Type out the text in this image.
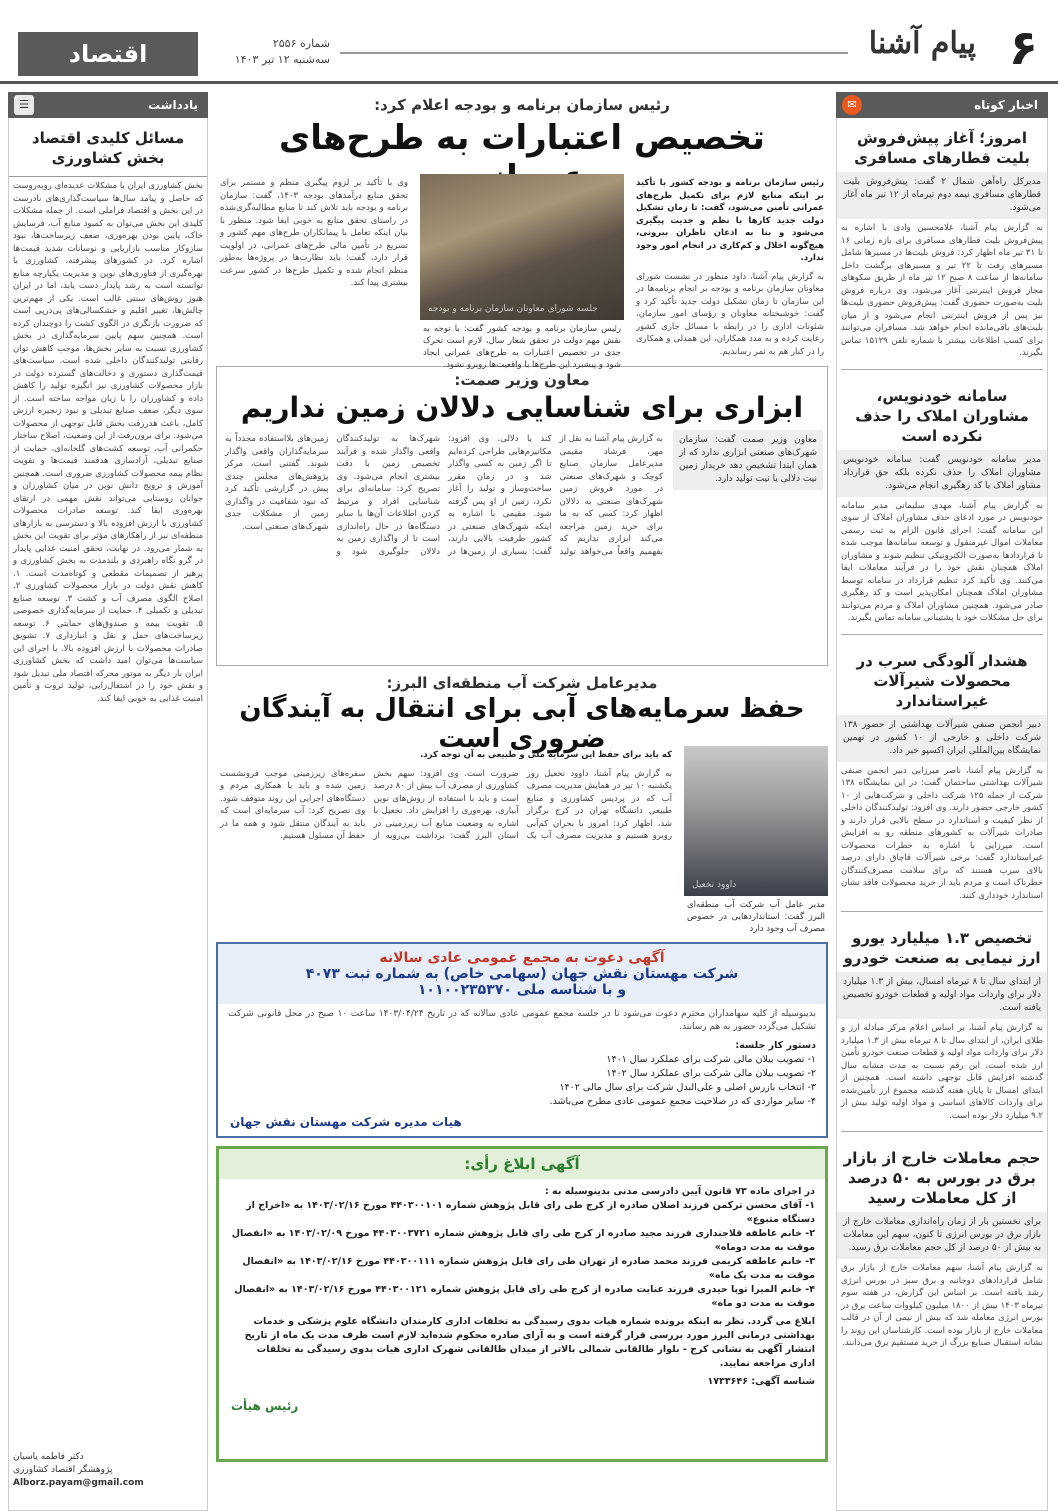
۶
پیام آشنا
شماره ۲۵۵۶
سه‌شنبه ۱۲ تیر ۱۴۰۳
اقتصاد
اخبار کوتاه
✉
امروز؛ آغاز پیش‌فروش بلیت قطارهای مسافری
مدیرکل راه‌آهن شمال ۲ گفت: پیش‌فروش بلیت قطارهای مسافری نیمه دوم تیرماه از ۱۲ تیر ماه آغاز می‌شود.
به گزارش پیام آشنا، غلامحسین وادی با اشاره به پیش‌فروش بلیت قطارهای مسافری برای بازه زمانی ۱۶ تا ۳۱ تیر ماه اظهار کرد: فروش بلیت‌ها در مسیرها شامل مسیرهای رفت تا ۲۲ تیر و مسیرهای برگشت داخل سامانه‌ها از ساعت ۸ صبح ۱۲ تیر ماه از طریق سکوهای مجاز فروش اینترنتی آغاز می‌شود. وی درباره فروش بلیت به‌صورت حضوری گفت: پیش‌فروش حضوری بلیت‌ها نیز پس از فروش اینترنتی انجام می‌شود و از میان بلیت‌های باقی‌مانده انجام خواهد شد. مسافران می‌توانند برای کسب اطلاعات بیشتر با شماره تلفن ۱۵۱۲۹ تماس بگیرند.
سامانه خودنویس، مشاوران املاک را حذف نکرده است
مدیر سامانه خودنویس گفت: سامانه خودنویس مشاوران املاک را حذف نکرده بلکه حق قرارداد مشاور املاک با کد رهگیری انجام می‌شود.
به گزارش پیام آشنا، مهدی سلیمانی مدیر سامانه خودنویس در مورد ادعای حذف مشاوران املاک از سوی این سامانه گفت: اجرای قانون الزام به ثبت رسمی معاملات اموال غیرمنقول و توسعه سامانه‌ها موجب شده تا قراردادها به‌صورت الکترونیکی تنظیم شوند و مشاوران املاک همچنان نقش خود را در فرآیند معاملات ایفا می‌کنند. وی تأکید کرد تنظیم قرارداد در سامانه توسط مشاوران املاک همچنان امکان‌پذیر است و کد رهگیری صادر می‌شود. همچنین مشاوران املاک و مردم می‌توانند برای حل مشکلات خود با پشتیبانی سامانه تماس بگیرند.
هشدار آلودگی سرب در محصولات شیرآلات غیراستاندارد
دبیر انجمن صنفی شیرآلات بهداشتی از حضور ۱۳۸ شرکت داخلی و خارجی از ۱۰ کشور در نهمین نمایشگاه بین‌المللی ایران اکسپو خبر داد.
به گزارش پیام آشنا، ناصر میرزایی دبیر انجمن صنفی شیرآلات بهداشتی ساختمان گفت: در این نمایشگاه ۱۳۸ شرکت از جمله ۱۲۵ شرکت داخلی و شرکت‌هایی از ۱۰ کشور خارجی حضور دارند. وی افزود: تولیدکنندگان داخلی از نظر کیفیت و استاندارد در سطح بالایی قرار دارند و صادرات شیرآلات به کشورهای منطقه رو به افزایش است. میرزایی با اشاره به خطرات محصولات غیراستاندارد گفت: برخی شیرآلات قاچاق دارای درصد بالای سرب هستند که برای سلامت مصرف‌کنندگان خطرناک است و مردم باید از خرید محصولات فاقد نشان استاندارد خودداری کنند.
تخصیص ۱.۳ میلیارد یورو ارز نیمایی به صنعت خودرو
از ابتدای سال تا ۸ تیرماه امسال، بیش از ۱.۳ میلیارد دلار برای واردات مواد اولیه و قطعات خودرو تخصیص یافته است.
به گزارش پیام آشنا، بر اساس اعلام مرکز مبادله ارز و طلای ایران، از ابتدای سال تا ۸ تیرماه بیش از ۱.۳ میلیارد دلار برای واردات مواد اولیه و قطعات صنعت خودرو تأمین ارز شده است. این رقم نسبت به مدت مشابه سال گذشته افزایش قابل توجهی داشته است. همچنین از ابتدای امسال تا پایان هفته گذشته مجموع ارز تأمین‌شده برای واردات کالاهای اساسی و مواد اولیه تولید بیش از ۹.۲ میلیارد دلار بوده است.
حجم معاملات خارج از بازار برق در بورس به ۵۰ درصد از کل معاملات رسید
برای نخستین بار از زمان راه‌اندازی معاملات خارج از بازار برق در بورس انرژی تا کنون، سهم این معاملات به بیش از ۵۰ درصد از کل حجم معاملات برق رسید.
به گزارش پیام آشنا، سهم معاملات خارج از بازار برق شامل قراردادهای دوجانبه و برق سبز در بورس انرژی رشد یافته است. بر اساس این گزارش، در هفته سوم تیرماه ۱۴۰۳ بیش از ۱۸۰۰ میلیون کیلووات ساعت برق در بورس انرژی معامله شد که بیش از نیمی از آن در قالب معاملات خارج از بازار بوده است. کارشناسان این روند را نشانه استقبال صنایع بزرگ از خرید مستقیم برق می‌دانند.
یادداشت
☰
مسائل کلیدی اقتصاد بخش کشاورزی
بخش کشاورزی ایران با مشکلات عدیده‌ای روبه‌روست که حاصل و پیامد سال‌ها سیاست‌گذاری‌های نادرست در این بخش و اقتصاد فراملی است. از جمله مشکلات کلیدی این بخش می‌توان به کمبود منابع آب، فرسایش خاک، پایین بودن بهره‌وری، ضعف زیرساخت‌ها، نبود سازوکار مناسب بازاریابی و نوسانات شدید قیمت‌ها اشاره کرد. در کشورهای پیشرفته، کشاورزی با بهره‌گیری از فناوری‌های نوین و مدیریت یکپارچه منابع توانسته است به رشد پایدار دست یابد، اما در ایران هنوز روش‌های سنتی غالب است. یکی از مهم‌ترین چالش‌ها، تغییر اقلیم و خشکسالی‌های پی‌درپی است که ضرورت بازنگری در الگوی کشت را دوچندان کرده است. همچنین سهم پایین سرمایه‌گذاری در بخش کشاورزی نسبت به سایر بخش‌ها، موجب کاهش توان رقابتی تولیدکنندگان داخلی شده است. سیاست‌های قیمت‌گذاری دستوری و دخالت‌های گسترده دولت در بازار محصولات کشاورزی نیز انگیزه تولید را کاهش داده و کشاورزان را با زیان مواجه ساخته است. از سوی دیگر، ضعف صنایع تبدیلی و نبود زنجیره ارزش کامل، باعث هدررفت بخش قابل توجهی از محصولات می‌شود. برای برون‌رفت از این وضعیت، اصلاح ساختار حکمرانی آب، توسعه کشت‌های گلخانه‌ای، حمایت از صنایع تبدیلی، آزادسازی هدفمند قیمت‌ها و تقویت نظام بیمه محصولات کشاورزی ضروری است. همچنین آموزش و ترویج دانش نوین در میان کشاورزان و جوانان روستایی می‌تواند نقش مهمی در ارتقای بهره‌وری ایفا کند. توسعه صادرات محصولات کشاورزی با ارزش افزوده بالا و دسترسی به بازارهای منطقه‌ای نیز از راهکارهای مؤثر برای تقویت این بخش به شمار می‌رود. در نهایت، تحقق امنیت غذایی پایدار در گرو نگاه راهبردی و بلندمدت به بخش کشاورزی و پرهیز از تصمیمات مقطعی و کوتاه‌مدت است. ۱. کاهش نقش دولت در بازار محصولات کشاورزی ۲. اصلاح الگوی مصرف آب و کشت ۳. توسعه صنایع تبدیلی و تکمیلی ۴. حمایت از سرمایه‌گذاری خصوصی ۵. تقویت بیمه و صندوق‌های حمایتی ۶. توسعه زیرساخت‌های حمل و نقل و انبارداری ۷. تشویق صادرات محصولات با ارزش افزوده بالا. با اجرای این سیاست‌ها می‌توان امید داشت که بخش کشاورزی ایران بار دیگر به موتور محرکه اقتصاد ملی تبدیل شود و نقش خود را در اشتغال‌زایی، تولید ثروت و تأمین امنیت غذایی به خوبی ایفا کند.
دکتر فاطمه یاسیان
پژوهشگر اقتصاد کشاورزی
Alborz.payam@gmail.com
رئیس سازمان برنامه و بودجه اعلام کرد:
تخصیص اعتبارات به طرح‌های
رئیس سازمان برنامه و بودجه کشور با تأکید بر اینکه منابع لازم برای تکمیل طرح‌های عمرانی تأمین می‌شود، گفت: تا زمان تشکیل دولت جدید کارها با نظم و جدیت پیگیری می‌شود و بنا به اذعان ناظران بیرونی، هیچ‌گونه اخلال و کم‌کاری در انجام امور وجود ندارد.
به گزارش پیام آشنا، داود منظور در نشست شورای معاونان سازمان برنامه و بودجه بر انجام برنامه‌ها در این سازمان تا زمان تشکیل دولت جدید تأکید کرد و گفت: خوشبختانه معاونان و رؤسای امور سازمان، شئونات اداری را در رابطه با مسائل جاری کشور رعایت کرده و به مدد همکاران، این همدلی و همکاری را در کنار هم به ثمر رساندیم.
جلسه شورای معاونان سازمان برنامه و بودجه
رئیس سازمان برنامه و بودجه کشور گفت: با توجه به نقش مهم دولت در تحقق شعار سال، لازم است تحرک جدی در تخصیص اعتبارات به طرح‌های عمرانی ایجاد شود و پیشبرد این طرح‌ها با واقعیت‌ها روبرو نشود.
وی با تأکید بر لزوم پیگیری منظم و مستمر برای تحقق منابع درآمدهای بودجه ۱۴۰۳، گفت: سازمان برنامه و بودجه باید تلاش کند تا منابع مطالبه‌گری‌شده در راستای تحقق منابع به خوبی ایفا شود. منظور با بیان اینکه تعامل با پیمانکاران طرح‌های مهم کشور و تسریع در تأمین مالی طرح‌های عمرانی، در اولویت قرار دارد، گفت: باید نظارت‌ها در پروژه‌ها به‌طور منظم انجام شده و تکمیل طرح‌ها در کشور سرعت بیشتری پیدا کند.
معاون وزیر صمت:
ابزاری برای شناسایی دلالان زمین نداریم
معاون وزیر صمت گفت: سازمان شهرک‌های صنعتی ابزاری ندارد که از همان ابتدا تشخیص دهد خریدار زمین نیت دلالی یا نیت تولید دارد.
به گزارش پیام آشنا به نقل از مهر، فرشاد مقیمی مدیرعامل سازمان صنایع کوچک و شهرک‌های صنعتی در مورد فروش زمین شهرک‌های صنعتی به دلالان اظهار کرد: کسی که به ما برای خرید زمین مراجعه می‌کند ابزاری نداریم که بفهمیم واقعاً می‌خواهد تولید کند یا دلالی. وی افزود: مکانیزم‌هایی طراحی کرده‌ایم تا اگر زمین به کسی واگذار شد و در زمان مقرر ساخت‌وساز و تولید را آغاز نکرد، زمین از او پس گرفته شود. مقیمی با اشاره به اینکه شهرک‌های صنعتی در کشور ظرفیت بالایی دارند، گفت: بسیاری از زمین‌ها در شهرک‌ها به تولیدکنندگان واقعی واگذار شده و فرآیند تخصیص زمین با دقت بیشتری انجام می‌شود. وی تصریح کرد: سامانه‌ای برای شناسایی افراد و مرتبط کردن اطلاعات آن‌ها با سایر دستگاه‌ها در حال راه‌اندازی است تا از واگذاری زمین به دلالان جلوگیری شود و زمین‌های بلااستفاده مجدداً به سرمایه‌گذاران واقعی واگذار شوند. گفتنی است، مرکز پژوهش‌های مجلس چندی پیش در گزارشی تأکید کرد که نبود شفافیت در واگذاری زمین از مشکلات جدی شهرک‌های صنعتی است.
مدیرعامل شرکت آب منطقه‌ای البرز:
حفظ سرمایه‌های آبی برای انتقال به آیندگان ضروری است
داوود نخعیل
مدیر عامل آب شرکت آب منطقه‌ای البرز گفت: استانداردهایی در خصوص مصرف آب وجود دارد
که باید برای حفظ این سرمایه ملی و طبیعی به آن توجه کرد.
به گزارش پیام آشنا، داوود نخعیل روز یکشنبه ۱۰ تیر در همایش مدیریت مصرف آب که در پردیس کشاورزی و منابع طبیعی دانشگاه تهران در کرج برگزار شد، اظهار کرد: امروز با بحران کم‌آبی روبرو هستیم و مدیریت مصرف آب یک ضرورت است. وی افزود: سهم بخش کشاورزی از مصرف آب بیش از ۸۰ درصد است و باید با استفاده از روش‌های نوین آبیاری، بهره‌وری را افزایش داد. نخعیل با اشاره به وضعیت منابع آب زیرزمینی در استان البرز گفت: برداشت بی‌رویه از سفره‌های زیرزمینی موجب فرونشست زمین شده و باید با همکاری مردم و دستگاه‌های اجرایی این روند متوقف شود. وی تصریح کرد: آب سرمایه‌ای است که باید به آیندگان منتقل شود و همه ما در حفظ آن مسئول هستیم.
آگهی دعوت به مجمع عمومی عادی سالانه
شرکت مهستان نقش جهان (سهامی خاص) به شماره ثبت ۴۰۷۳
و با شناسه ملی ۱۰۱۰۰۲۳۵۳۷۰
بدینوسیله از کلیه سهامداران محترم دعوت می‌شود تا در جلسه مجمع عمومی عادی سالانه که در تاریخ ۱۴۰۳/۰۴/۲۴ ساعت ۱۰ صبح در محل قانونی شرکت تشکیل می‌گردد حضور به هم رسانند.
دستور کار جلسه:
۱- تصویب بیلان مالی شرکت برای عملکرد سال ۱۴۰۱
۲- تصویب بیلان مالی شرکت برای عملکرد سال ۱۴۰۲
۳- انتخاب بازرس اصلی و علی‌البدل شرکت برای سال مالی ۱۴۰۲
۴- سایر مواردی که در صلاحیت مجمع عمومی عادی مطرح می‌باشد.
هیات مدیره شرکت مهستان نقش جهان
آگهی ابلاغ رأی:
در اجرای ماده ۷۳ قانون آیین دادرسی مدنی بدینوسیله به :
۱- آقای محسن ترکمن فرزند اصلان صادره از کرج طی رای قابل پژوهش شماره ۴۴۰۳۰۰۱۰۱ مورخ ۱۴۰۳/۰۲/۱۶ به «اخراج از دستگاه متبوع»
۲- خانم عاطفه قلاجندازی فرزند مجید صادره از کرج طی رای قابل پژوهش شماره ۴۴۰۳۰۰۳۷۲۱ مورخ ۱۴۰۳/۰۲/۰۹ به «انفصال موقت به مدت دوماه»
۳- خانم عاطفه کریمی فرزند محمد صادره از تهران طی رای قابل پژوهش شماره ۴۴۰۳۰۰۱۱۱ مورخ ۱۴۰۳/۰۲/۱۶ به «انفصال موقت به مدت یک ماه»
۴- خانم المیرا توپا حیدری فرزند عنایت صادره از کرج طی رای قابل پژوهش شماره ۴۴۰۳۰۰۱۲۱ مورخ ۱۴۰۳/۰۲/۱۶ به «انفصال موقت به مدت دو ماه»
ابلاغ می گردد. نظر به اینکه برونده شماره هیات بدوی رسیدگی به تخلفات اداری کارمندان دانشگاه علوم پزشکی و خدمات بهداشتی درمانی البرز مورد بررسی قرار گرفته است و به آرای صادره محکوم شده‌اید لازم است ظرف مدت یک ماه از تاریخ انتشار آگهی به نشانی کرج - بلوار طالقانی شمالی بالاتر از میدان طالقانی شهرک اداری هیات بدوی رسیدگی به تخلفات اداری مراجعه نمایید.
شناسه آگهی: ۱۷۳۳۶۴۶
رئیس هیأت
